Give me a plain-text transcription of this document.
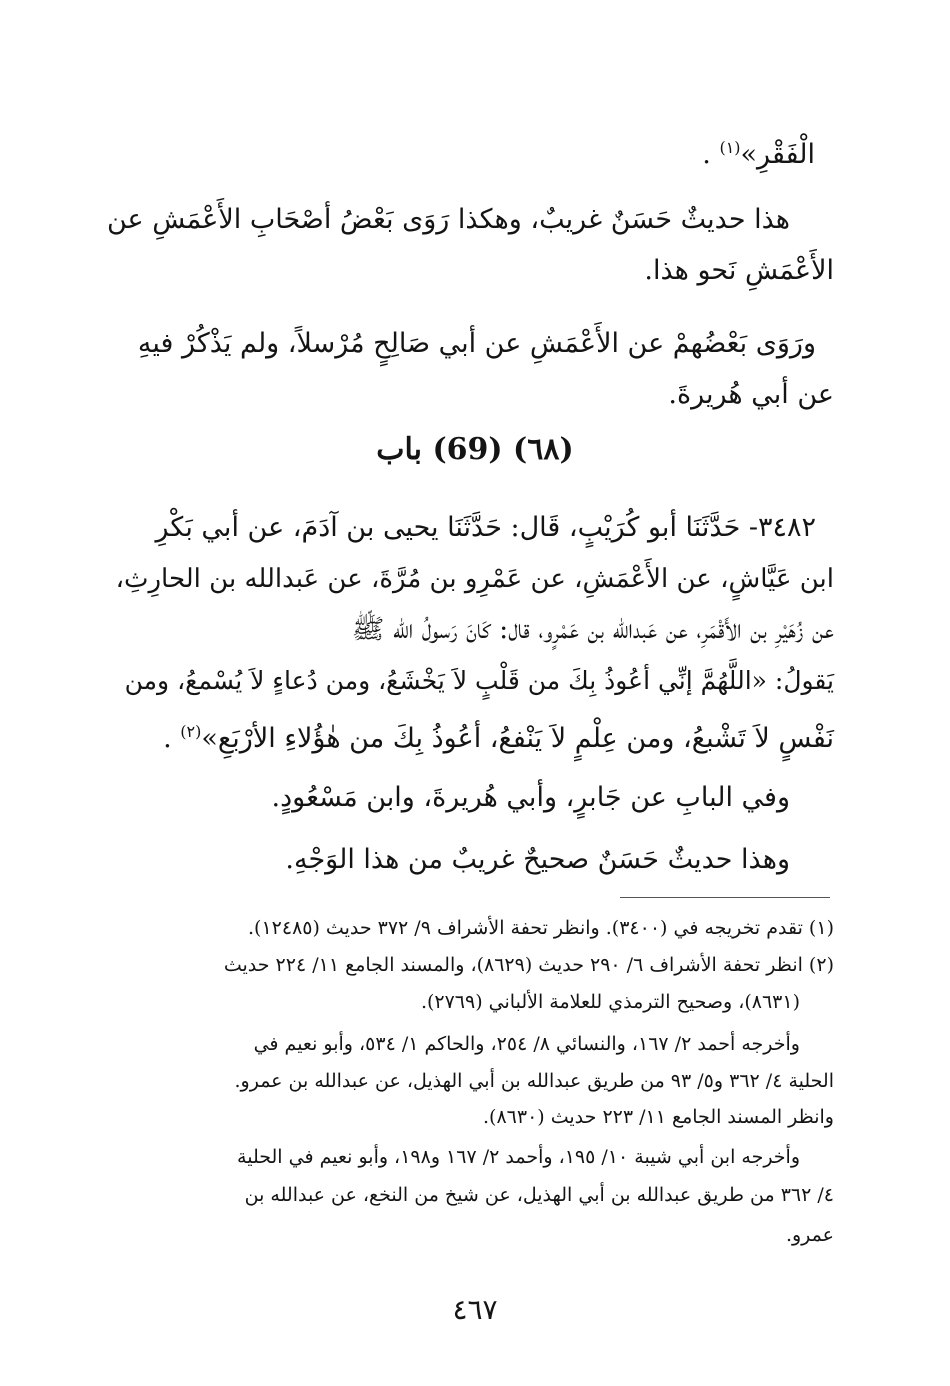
الْفَقْرِ»$^{(١)}$ .
هذا حديثٌ حَسَنٌ غريبٌ، وهكذا رَوَى بَعْضُ أصْحَابِ الأَعْمَشِ عن
الأَعْمَشِ نَحو هذا.
ورَوَى بَعْضُهمْ عن الأَعْمَشِ عن أبي صَالِحٍ مُرْسلاً، ولم يَذْكُرْ فيهِ
عن أبي هُريرةَ.
(٦٨) (69) باب
٣٤٨٢- حَدَّثَنَا أبو كُرَيْبٍ، قَال: حَدَّثَنَا يحيى بن آدَمَ، عن أبي بَكْرِ
ابن عَيَّاشٍ، عن الأَعْمَشِ، عن عَمْرِو بن مُرَّةَ، عن عَبدالله بن الحارِثِ،
عن زُهَيْرِ بن الأَقْمَرِ، عن عَبدالله بن عَمْرٍو، قال: كَانَ رَسولُ الله ﷺ
يَقولُ: «اللَّهُمَّ إنِّي أعُوذُ بِكَ من قَلْبٍ لاَ يَخْشَعُ، ومن دُعاءٍ لاَ يُسْمعُ، ومن
نَفْسٍ لاَ تَشْبعُ، ومن عِلْمٍ لاَ يَنْفعُ، أعُوذُ بِكَ من هٰؤُلاءِ الأرْبَعِ»$^{(٢)}$ .
وفي البابِ عن جَابرٍ، وأبي هُريرةَ، وابن مَسْعُودٍ.
وهذا حديثٌ حَسَنٌ صحيحٌ غريبٌ من هذا الوَجْهِ.
(١) تقدم تخريجه في (٣٤٠٠). وانظر تحفة الأشراف ٩/ ٣٧٢ حديث (١٢٤٨٥).
(٢) انظر تحفة الأشراف ٦/ ٢٩٠ حديث (٨٦٢٩)، والمسند الجامع ١١/ ٢٢٤ حديث
(٨٦٣١)، وصحيح الترمذي للعلامة الألباني (٢٧٦٩).
وأخرجه أحمد ٢/ ١٦٧، والنسائي ٨/ ٢٥٤، والحاكم ١/ ٥٣٤، وأبو نعيم في
الحلية ٤/ ٣٦٢ و٥/ ٩٣ من طريق عبدالله بن أبي الهذيل، عن عبدالله بن عمرو.
وانظر المسند الجامع ١١/ ٢٢٣ حديث (٨٦٣٠).
وأخرجه ابن أبي شيبة ١٠/ ١٩٥، وأحمد ٢/ ١٦٧ و١٩٨، وأبو نعيم في الحلية
٤/ ٣٦٢ من طريق عبدالله بن أبي الهذيل، عن شيخ من النخع، عن عبدالله بن
عمرو.
٤٦٧
